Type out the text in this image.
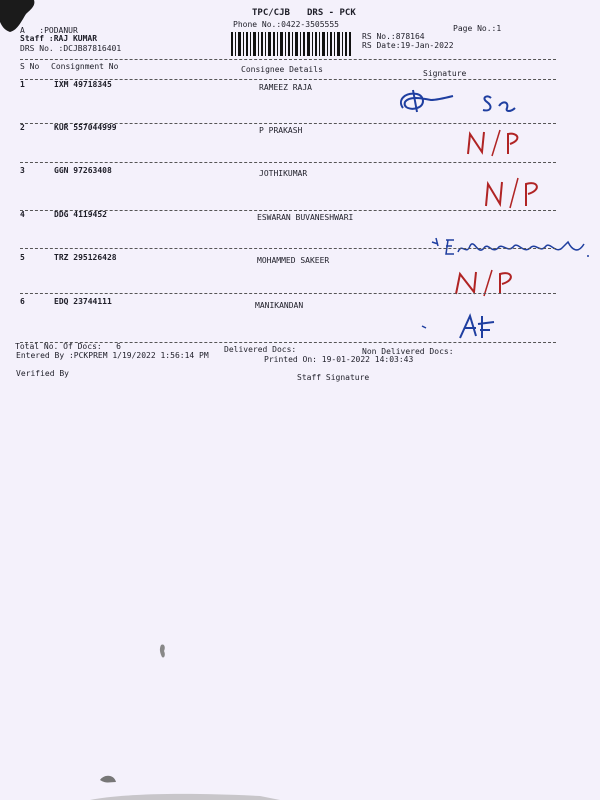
TPC/CJB DRS - PCK
Phone No.:0422-3505555	Page No.:1
A   :PODANUR
Staff :RAJ KUMAR
DRS No. :DCJB87816401
RS No.:878164
RS Date:19-Jan-2022
S No Consignment No	Consignee Details	Signature
1	IXM 49718345	RAMEEZ RAJA
2	KUR 557044999	P PRAKASH
3	GGN 97263408	JOTHIKUMAR
4	DDG 4119452	ESWARAN BUVANESHWARI
5	TRZ 295126428	MOHAMMED SAKEER
6	EDQ 23744111	MANIKANDAN
Total No. Of Docs:   6	Delivered Docs:	Non Delivered Docs:
Entered By :PCKPREM 1/19/2022 1:56:14 PM	Printed On: 19-01-2022 14:03:43
Verified By	Staff Signature
